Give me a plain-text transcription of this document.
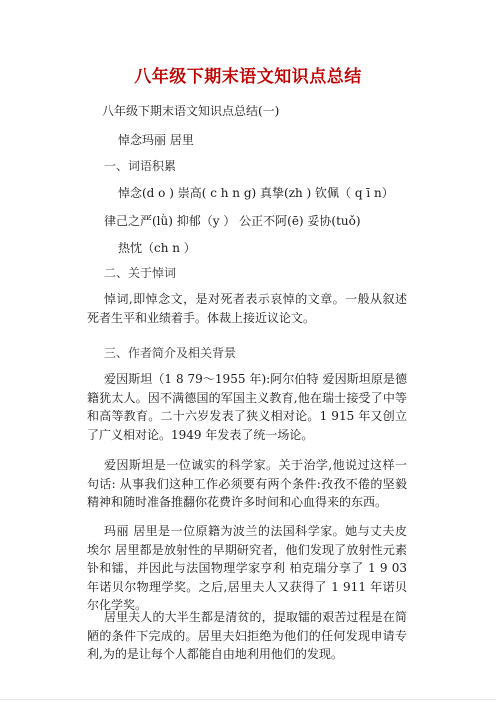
八年级下期末语文知识点总结
八年级下期末语文知识点总结(一)
悼念玛丽 居里
一、词语积累
悼念(d o ) 崇高( c h n g) 真挚(zh ) 钦佩（ q ī n）
律己之严(lǜ) 抑郁（y ） 公正不阿(ē) 妥协(tuǒ)
热忱（ch n ）
二、关于悼词
悼词,即悼念文，是对死者表示哀悼的文章。一般从叙述死者生平和业绩着手。体裁上接近议论文。
三、作者简介及相关背景
爱因斯坦（1 8 79～1955 年):阿尔伯特 爱因斯坦原是德籍犹太人。因不满德国的军国主义教育,他在瑞士接受了中等和高等教育。二十六岁发表了狭义相对论。1 915 年又创立了广义相对论。1949 年发表了统一场论。
爱因斯坦是一位诚实的科学家。关于治学,他说过这样一句话: 从事我们这种工作必须要有两个条件:孜孜不倦的坚毅精神和随时准备推翻你花费许多时间和心血得来的东西。
玛丽 居里是一位原籍为波兰的法国科学家。她与丈夫皮埃尔 居里都是放射性的早期研究者，他们发现了放射性元素钋和镭，并因此与法国物理学家亨利 柏克瑞分享了 1 9 03 年诺贝尔物理学奖。之后,居里夫人又获得了 1 911 年诺贝尔化学奖。
居里夫人的大半生都是清贫的，提取镭的艰苦过程是在简陋的条件下完成的。居里夫妇拒绝为他们的任何发现申请专利,为的是让每个人都能自由地利用他们的发现。
